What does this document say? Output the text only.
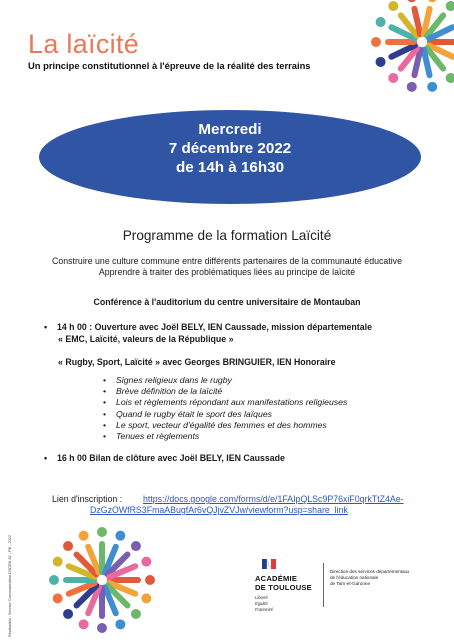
La laïcité
Un principe constitutionnel à l'épreuve de la réalité des terrains
Mercredi
7 décembre 2022
de 14h à 16h30
Programme de la formation Laïcité
Construire une culture commune entre différents partenaires de la communauté éducative
Apprendre à traiter des problématiques liées au principe de laïcité
Conférence à l'auditorium du centre universitaire de Montauban
• 14 h 00 : Ouverture avec Joël BELY, IEN Caussade, mission départementale
« EMC, Laïcité, valeurs de la République »
« Rugby, Sport, Laïcité » avec Georges BRINGUIER, IEN Honoraire
• Signes religieux dans le rugby
• Brève définition de la laïcité
• Lois et règlements répondant aux manifestations religieuses
• Quand le rugby était le sport des laïques
• Le sport, vecteur d'égalité des femmes et des hommes
• Tenues et règlements
• 16 h 00 Bilan de clôture avec Joël BELY, IEN Caussade
Lien d'inscription : https://docs.google.com/forms/d/e/1FAIpQLSc9P76xiF0qrkTtZ4Ae-
DzGzOWfRS3FmaABugfAr6vQJjvZVJw/viewform?usp=share_link
Réalisation : Service Communication DSDEN 82 - PB - 2022	ACADÉMIE
DE TOULOUSE
Liberté
Égalité
Fraternité
Direction des services départementaux
de l'éducation nationale
de Tarn-et-Garonne
